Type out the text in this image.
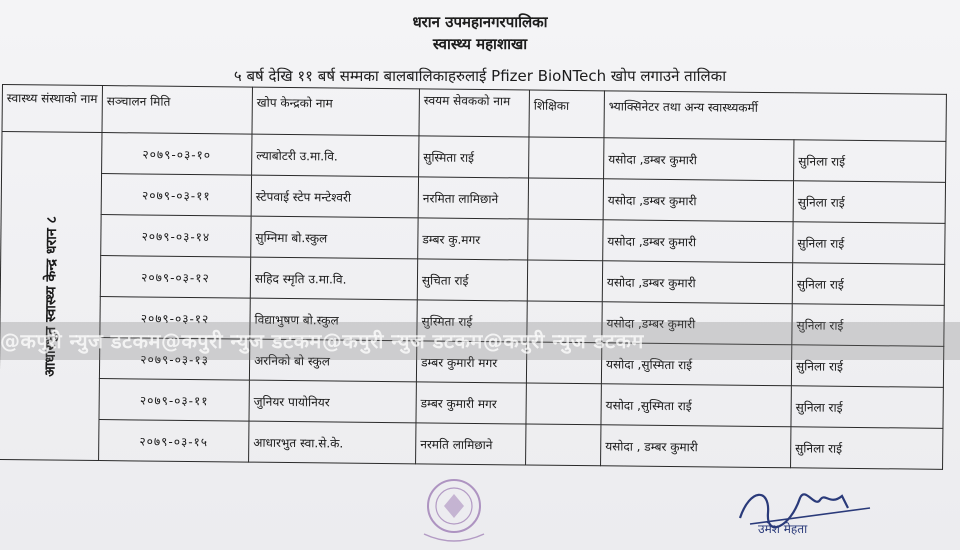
धरान उपमहानगरपालिका
स्वास्थ्य महाशाखा
५ बर्ष देखि ११ बर्ष सम्मका बालबालिकाहरुलाई Pfizer BioNTech खोप लगाउने तालिका
स्वास्थ्य संस्थाको नाम	सञ्चालन मिति	खोप केन्द्रको नाम	स्वयम सेवकको नाम	शिक्षिका	भ्याक्सिनेटर तथा अन्य स्वास्थ्यकर्मी	

आधारभुत स्वास्थ्य केन्द्र धरान ८	२०७९-०३-१०	ल्याबोटरी उ.मा.वि.	सुस्मिता राई		यसोदा ,डम्बर कुमारी	सुनिला राई
	२०७९-०३-११	स्टेपवाई स्टेप मन्टेश्वरी	नरमिता लामिछाने		यसोदा ,डम्बर कुमारी	सुनिला राई
	२०७९-०३-१४	सुम्निमा बो.स्कुल	डम्बर कु.मगर		यसोदा ,डम्बर कुमारी	सुनिला राई
	२०७९-०३-१२	सहिद स्मृति उ.मा.वि.	सुचिता राई		यसोदा ,डम्बर कुमारी	सुनिला राई
	२०७९-०३-१२	विद्याभुषण बो.स्कुल	सुस्मिता राई		यसोदा ,डम्बर कुमारी	सुनिला राई
	२०७९-०३-१३	अरनिको बो स्कुल	डम्बर कुमारी मगर		यसोदा ,सुस्मिता राई	सुनिला राई
	२०७९-०३-११	जुनियर पायोनियर	डम्बर कुमारी मगर		यसोदा ,सुस्मिता राई	सुनिला राई
	२०७९-०३-१५	आधारभुत स्वा.से.के.	नरमति लामिछाने		यसोदा , डम्बर कुमारी	सुनिला राई
@कपुरी न्युज डटकम@कपुरी न्युज डटकम@कपुरी न्युज डटकम@कपुरी न्युज डटकम
उमेश मेहता
